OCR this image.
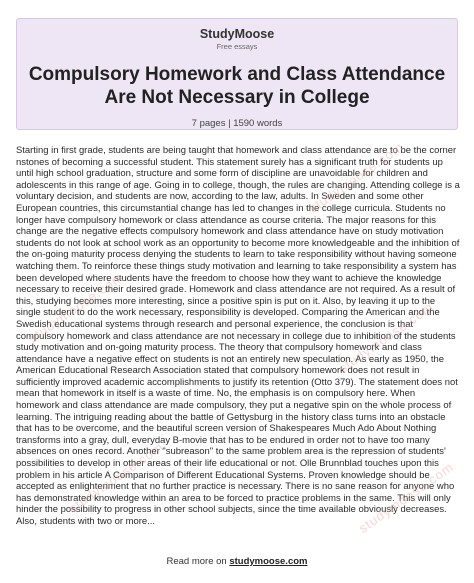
StudyMoose
Free essays
Compulsory Homework and Class Attendance Are Not Necessary in College
7 pages | 1590 words

Starting in first grade, students are being taught that homework and class attendance are to be the corner nstones of becoming a successful student. This statement surely has a significant truth for students up until high school graduation, structure and some form of discipline are unavoidable for children and adolescents in this range of age. Going in to college, though, the rules are changing. Attending college is a voluntary decision, and students are now, according to the law, adults. In Sweden and some other European countries, this circumstantial change has led to changes in the college curricula. Students no longer have compulsory homework or class attendance as course criteria. The major reasons for this change are the negative effects compulsory homework and class attendance have on study motivation students do not look at school work as an opportunity to become more knowledgeable and the inhibition of the on-going maturity process denying the students to learn to take responsibility without having someone watching them. To reinforce these things study motivation and learning to take responsibility a system has been developed where students have the freedom to choose how they want to achieve the knowledge necessary to receive their desired grade. Homework and class attendance are not required. As a result of this, studying becomes more interesting, since a positive spin is put on it. Also, by leaving it up to the single student to do the work necessary, responsibility is developed. Comparing the American and the Swedish educational systems through research and personal experience, the conclusion is that compulsory homework and class attendance are not necessary in college due to inhibition of the students study motivation and on-going maturity process. The theory that compulsory homework and class attendance have a negative effect on students is not an entirely new speculation. As early as 1950, the American Educational Research Association stated that compulsory homework does not result in sufficiently improved academic accomplishments to justify its retention (Otto 379). The statement does not mean that homework in itself is a waste of time. No, the emphasis is on compulsory here. When homework and class attendance are made compulsory, they put a negative spin on the whole process of learning. The intriguing reading about the battle of Gettysburg in the history class turns into an obstacle that has to be overcome, and the beautiful screen version of Shakespeares Much Ado About Nothing transforms into a gray, dull, everyday B-movie that has to be endured in order not to have too many absences on ones record. Another "subreason" to the same problem area is the repression of students' possibilities to develop in other areas of their life educational or not. Olle Brunnblad touches upon this problem in his article A Comparison of Different Educational Systems. Proven knowledge should be accepted as enlightenment that no further practice is necessary. There is no sane reason for anyone who has demonstrated knowledge within an area to be forced to practice problems in the same. This will only hinder the possibility to progress in other school subjects, since the time available obviously decreases. Also, students with two or more...

studymoose.com
studymoose.com	studymoose.com
studymoose.com	studymoose.com
Read more on studymoose.com
